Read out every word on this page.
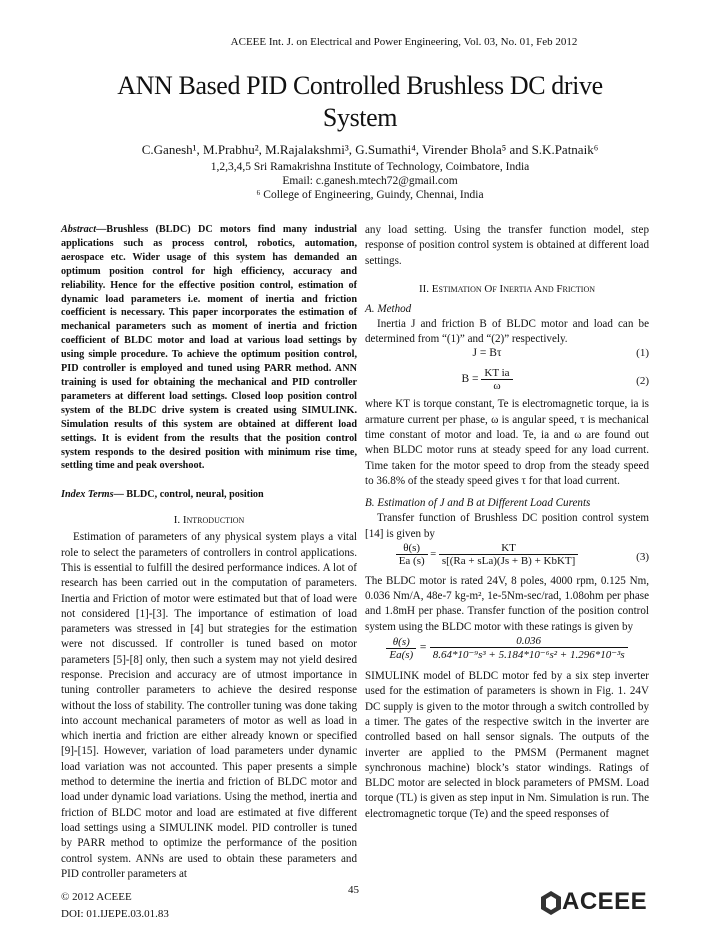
ACEEE Int. J. on Electrical and Power Engineering, Vol. 03, No. 01, Feb 2012
ANN Based PID Controlled Brushless DC drive
System
C.Ganesh¹, M.Prabhu², M.Rajalakshmi³, G.Sumathi⁴, Virender Bhola⁵ and S.K.Patnaik⁶
1,2,3,4,5 Sri Ramakrishna Institute of Technology, Coimbatore, India
Email: c.ganesh.mtech72@gmail.com
⁶ College of Engineering, Guindy, Chennai, India

Abstract—Brushless (BLDC) DC motors find many industrial applications such as process control, robotics, automation, aerospace etc. Wider usage of this system has demanded an optimum position control for high efficiency, accuracy and reliability. Hence for the effective position control, estimation of dynamic load parameters i.e. moment of inertia and friction coefficient is necessary. This paper incorporates the estimation of mechanical parameters such as moment of inertia and friction coefficient of BLDC motor and load at various load settings by using simple procedure. To achieve the optimum position control, PID controller is employed and tuned using PARR method. ANN training is used for obtaining the mechanical and PID controller parameters at different load settings. Closed loop position control system of the BLDC drive system is created using SIMULINK. Simulation results of this system are obtained at different load settings. It is evident from the results that the position control system responds to the desired position with minimum rise time, settling time and peak overshoot.

Index Terms— BLDC, control, neural, position

I. Introduction

Estimation of parameters of any physical system plays a vital role to select the parameters of controllers in control applications. This is essential to fulfill the desired performance indices. A lot of research has been carried out in the computation of parameters. Inertia and Friction of motor were estimated but that of load were not considered [1]-[3]. The importance of estimation of load parameters was stressed in [4] but strategies for the estimation were not discussed. If controller is tuned based on motor parameters [5]-[8] only, then such a system may not yield desired response. Precision and accuracy are of utmost importance in tuning controller parameters to achieve the desired response without the loss of stability. The controller tuning was done taking into account mechanical parameters of motor as well as load in which inertia and friction are either already known or specified [9]-[15]. However, variation of load parameters under dynamic load variation was not accounted. This paper presents a simple method to determine the inertia and friction of BLDC motor and load under dynamic load variations. Using the method, inertia and friction of BLDC motor and load are estimated at five different load settings using a SIMULINK model. PID controller is tuned by PARR method to optimize the performance of the position control system. ANNs are used to obtain these parameters and PID controller parameters at

any load setting. Using the transfer function model, step response of position control system is obtained at different load settings.

II. Estimation Of Inertia And Friction
A. Method

Inertia J and friction B of BLDC motor and load can be determined from “(1)” and “(2)” respectively.

J = Bτ	(1)
$B = \frac{\text{KT ia}}{\omega}$	(2)

where KT is torque constant, Te is electromagnetic torque, ia is armature current per phase, ω is angular speed, τ is mechanical time constant of motor and load. Te, ia and ω are found out when BLDC motor runs at steady speed for any load current. Time taken for the motor speed to drop from the steady speed to 36.8% of the steady speed gives τ for that load current.

B. Estimation of J and B at Different Load Curents

Transfer function of Brushless DC position control system [14] is given by

$\frac{\theta(s)}{Ea (s)} = \frac{KT}{\text{s[(Ra + sLa)(Js + B) + KbKT]}}$	(3)

The BLDC motor is rated 24V, 8 poles, 4000 rpm, 0.125 Nm, 0.036 Nm/A, 48e-7 kg-m², 1e-5Nm-sec/rad, 1.08ohm per phase and 1.8mH per phase. Transfer function of the position control system using the BLDC motor with these ratings is given by

$\frac{\theta(s)}{Ea(s)} = \frac{0.036}{\text{8.64*10⁻⁹s³ + 5.184*10⁻⁶s² + 1.296*10⁻³s}}$

SIMULINK model of BLDC motor fed by a six step inverter used for the estimation of parameters is shown in Fig. 1. 24V DC supply is given to the motor through a switch controlled by a timer. The gates of the respective switch in the inverter are controlled based on hall sensor signals. The outputs of the inverter are applied to the PMSM (Permanent magnet synchronous machine) block’s stator windings. Ratings of BLDC motor are selected in block parameters of PMSM. Load torque (TL) is given as step input in Nm. Simulation is run. The electromagnetic torque (Te) and the speed responses of

45
© 2012 ACEEE
DOI: 01.IJEPE.03.01.83	ACEEE
